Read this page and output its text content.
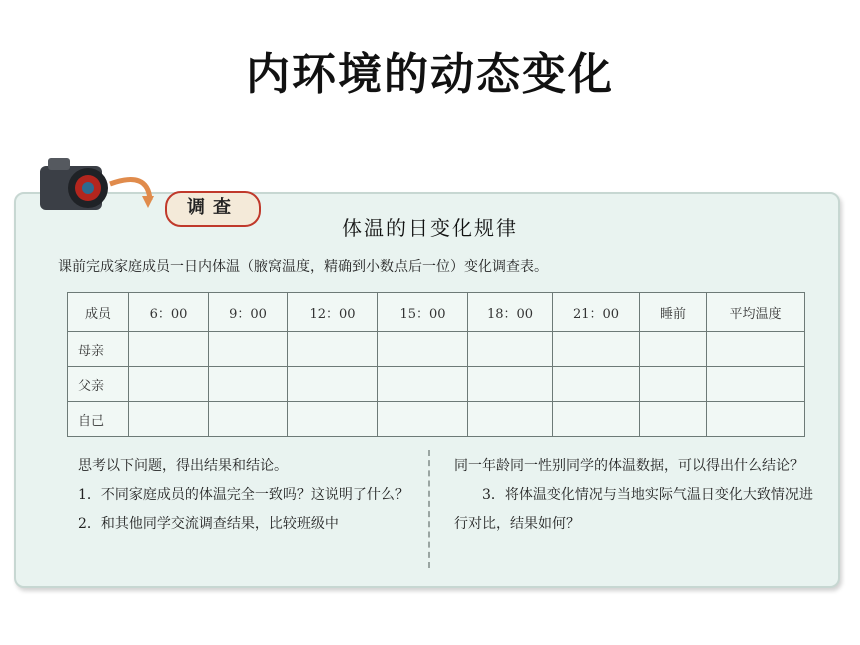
内环境的动态变化
调查
体温的日变化规律
课前完成家庭成员一日内体温（腋窝温度，精确到小数点后一位）变化调查表。
成员	6：00	9：00	12：00	15：00	18：00	21：00	睡前	平均温度
母亲								
父亲								
自己								

思考以下问题，得出结果和结论。

1．不同家庭成员的体温完全一致吗？这说明了什么？

2．和其他同学交流调查结果，比较班级中

同一年龄同一性别同学的体温数据，可以得出什么结论？

3．将体温变化情况与当地实际气温日变化大致情况进行对比，结果如何？
